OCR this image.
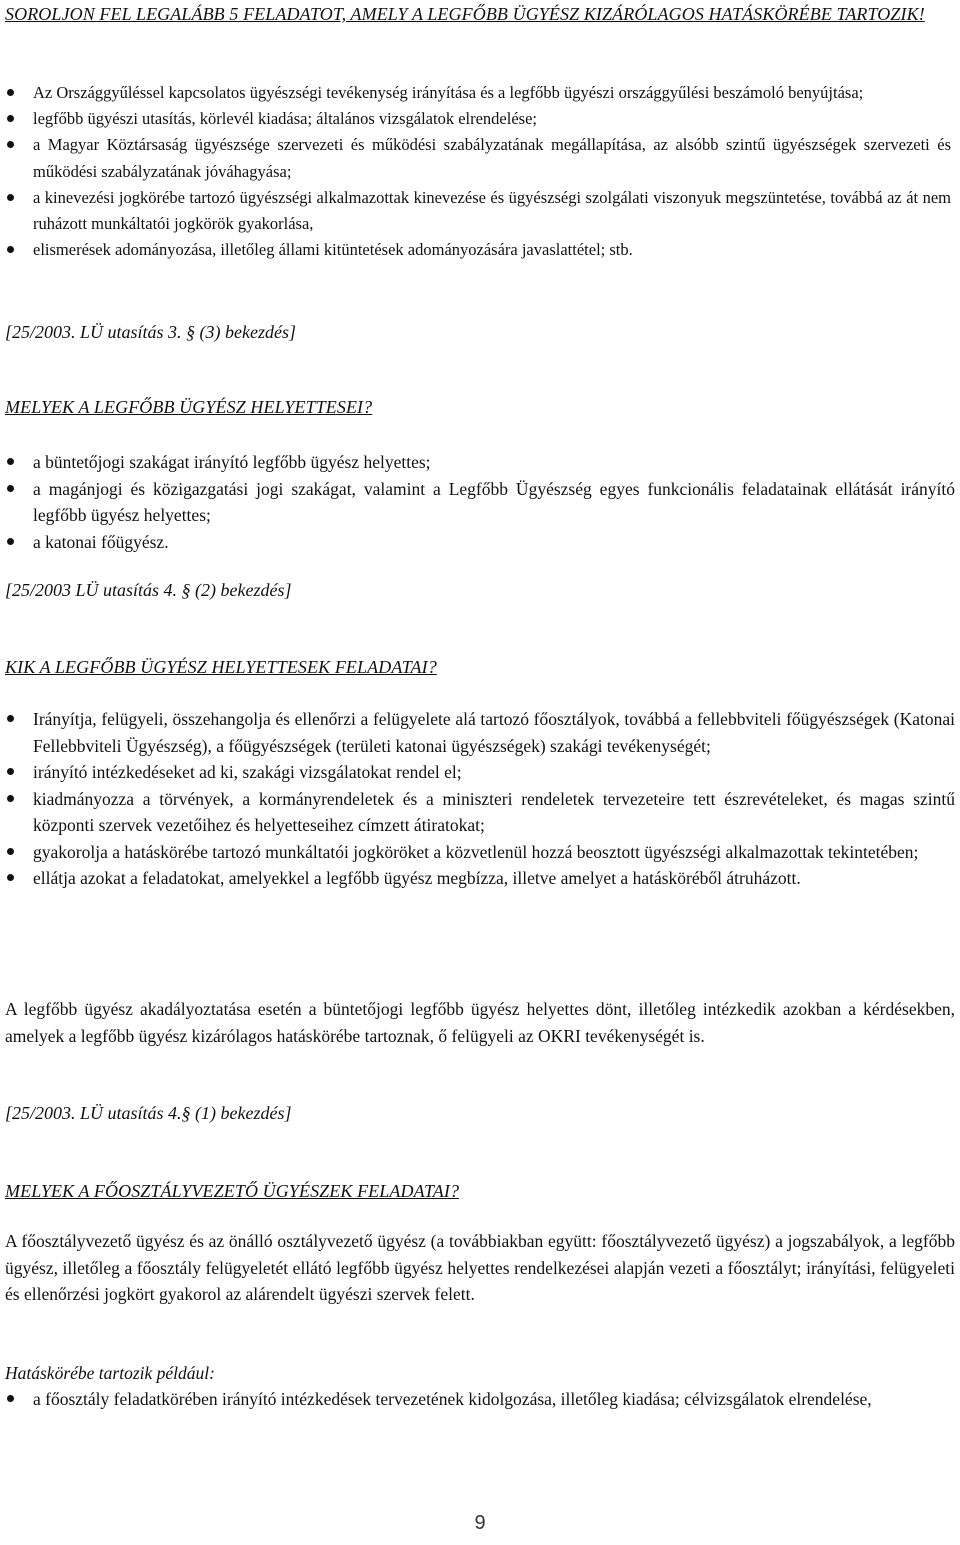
SOROLJON FEL LEGALÁBB 5 FELADATOT, AMELY A LEGFŐBB ÜGYÉSZ KIZÁRÓLAGOS HATÁSKÖRÉBE TARTOZIK!
Az Országgyűléssel kapcsolatos ügyészségi tevékenység irányítása és a legfőbb ügyészi országgyűlési beszámoló benyújtása;
legfőbb ügyészi utasítás, körlevél kiadása; általános vizsgálatok elrendelése;
a Magyar Köztársaság ügyészsége szervezeti és működési szabályzatának megállapítása, az alsóbb szintű ügyészségek szervezeti és működési szabályzatának jóváhagyása;
a kinevezési jogkörébe tartozó ügyészségi alkalmazottak kinevezése és ügyészségi szolgálati viszonyuk megszüntetése, továbbá az át nem ruházott munkáltatói jogkörök gyakorlása,
elismerések adományozása, illetőleg állami kitüntetések adományozására javaslattétel; stb.
[25/2003. LÜ utasítás 3. § (3) bekezdés]
MELYEK A LEGFŐBB ÜGYÉSZ HELYETTESEI?
a büntetőjogi szakágat irányító legfőbb ügyész helyettes;
a magánjogi és közigazgatási jogi szakágat, valamint a Legfőbb Ügyészség egyes funkcionális feladatainak ellátását irányító legfőbb ügyész helyettes;
a katonai főügyész.
[25/2003 LÜ utasítás 4. § (2) bekezdés]
KIK A LEGFŐBB ÜGYÉSZ HELYETTESEK FELADATAI?
Irányítja, felügyeli, összehangolja és ellenőrzi a felügyelete alá tartozó főosztályok, továbbá a fellebbviteli főügyészségek (Katonai Fellebbviteli Ügyészség), a főügyészségek (területi katonai ügyészségek) szakági tevékenységét;
irányító intézkedéseket ad ki, szakági vizsgálatokat rendel el;
kiadmányozza a törvények, a kormányrendeletek és a miniszteri rendeletek tervezeteire tett észrevételeket, és magas szintű központi szervek vezetőihez és helyetteseihez címzett átiratokat;
gyakorolja a hatáskörébe tartozó munkáltatói jogköröket a közvetlenül hozzá beosztott ügyészségi alkalmazottak tekintetében;
ellátja azokat a feladatokat, amelyekkel a legfőbb ügyész megbízza, illetve amelyet a hatásköréből átruházott.

A legfőbb ügyész akadályoztatása esetén a büntetőjogi legfőbb ügyész helyettes dönt, illetőleg intézkedik azokban a kérdésekben, amelyek a legfőbb ügyész kizárólagos hatáskörébe tartoznak, ő felügyeli az OKRI tevékenységét is.

[25/2003. LÜ utasítás 4.§ (1) bekezdés]
MELYEK A FŐOSZTÁLYVEZETŐ ÜGYÉSZEK FELADATAI?

A főosztályvezető ügyész és az önálló osztályvezető ügyész (a továbbiakban együtt: főosztályvezető ügyész) a jogszabályok, a legfőbb ügyész, illetőleg a főosztály felügyeletét ellátó legfőbb ügyész helyettes rendelkezései alapján vezeti a főosztályt; irányítási, felügyeleti és ellenőrzési jogkört gyakorol az alárendelt ügyészi szervek felett.

Hatáskörébe tartozik például:
a főosztály feladatkörében irányító intézkedések tervezetének kidolgozása, illetőleg kiadása; célvizsgálatok elrendelése,
9
